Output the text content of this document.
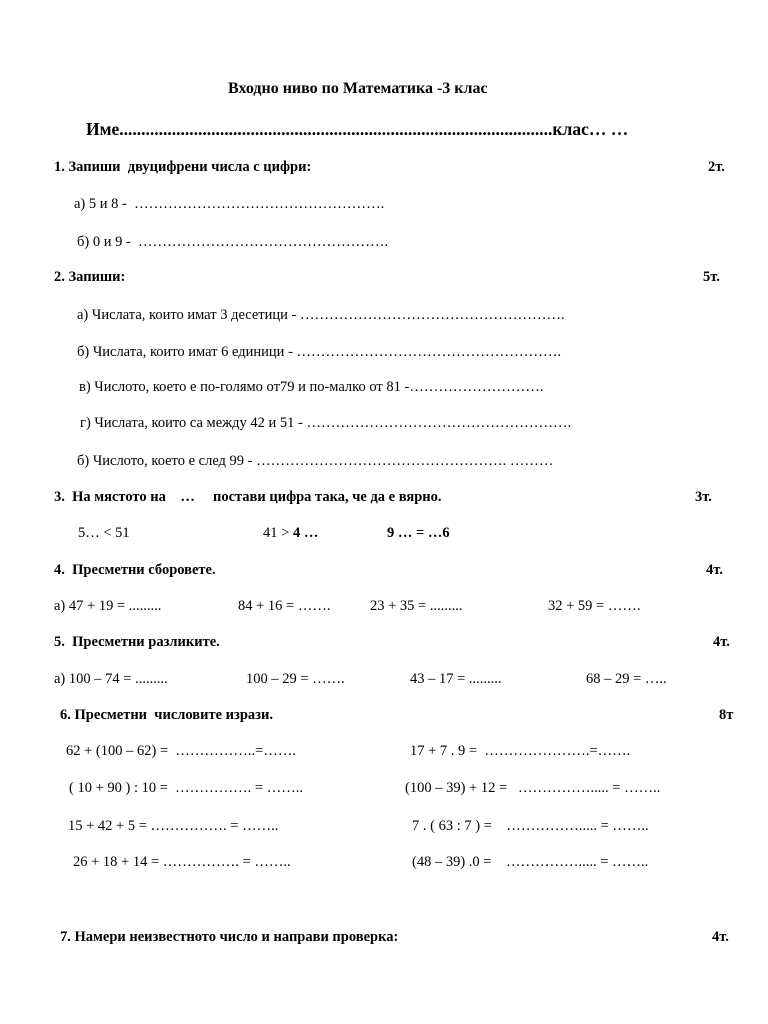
Входно ниво по Математика -3 клас
Име...................................................................................................клас… …
1. Запиши  двуцифрени числа с цифри:	2т.
а) 5 и 8 -  …………………………………………….
б) 0 и 9 -  …………………………………………….
2. Запиши:	5т.
а) Числата, които имат 3 десетици - ……………………………………………….
б) Числата, които имат 6 единици - ……………………………………………….
в) Числото, което е по-голямо от79 и по-малко от 81 -……………………….
г) Числата, които са между 42 и 51 - ……………………………………………….
б) Числото, което е след 99 - ……………………………………………. ………
3.  На мястото на    …     постави цифра така, че да е вярно.	3т.
5… < 51	41 > 4 …	9 … = …6
4.  Пресметни сборовете.	4т.
а) 47 + 19 = .........	84 + 16 = …….	23 + 35 = .........	32 + 59 = …….
5.  Пресметни разликите.	4т.
а) 100 – 74 = .........	100 – 29 = …….	43 – 17 = .........	68 – 29 = …..
6. Пресметни  числовите изрази.	8т
62 + (100 – 62) =  ……………..=…….	17 + 7 . 9 =  ………………….=…….
( 10 + 90 ) : 10 =  ……………. = ……..	(100 – 39) + 12 =   ……………..... = ……..
15 + 42 + 5 = ……………. = ……..	7 . ( 63 : 7 ) =    ……………..... = ……..
26 + 18 + 14 = ……………. = ……..	(48 – 39) .0 =    ……………..... = ……..
7. Намери неизвестното число и направи проверка:	4т.
